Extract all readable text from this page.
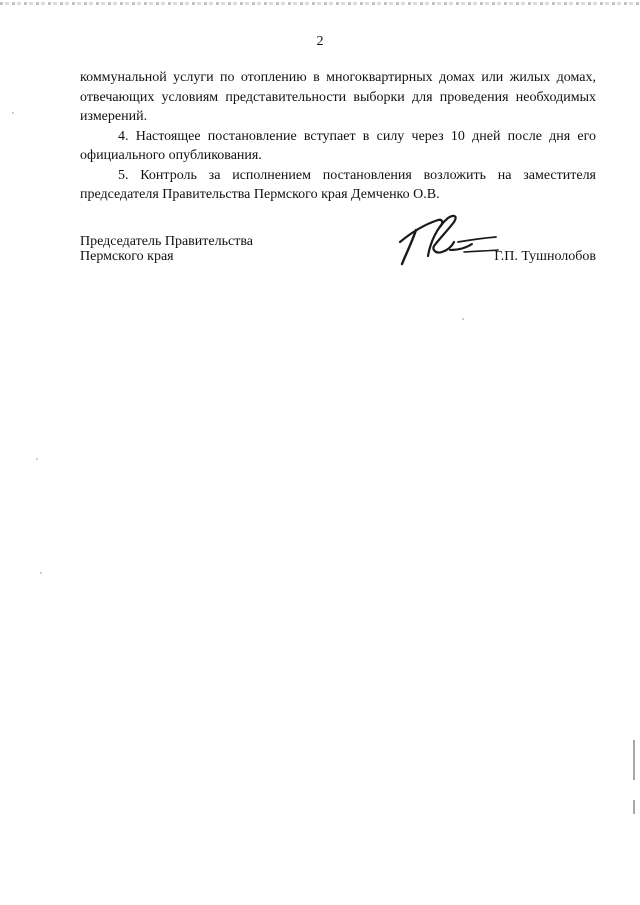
2

коммунальной услуги по отоплению в многоквартирных домах или жилых домах, отвечающих условиям представительности выборки для проведения необходимых измерений.

4. Настоящее постановление вступает в силу через 10 дней после дня его официального опубликования.

5. Контроль за исполнением постановления возложить на заместителя председателя Правительства Пермского края Демченко О.В.

Председатель Правительства
Пермского края	Г.П. Тушнолобов
